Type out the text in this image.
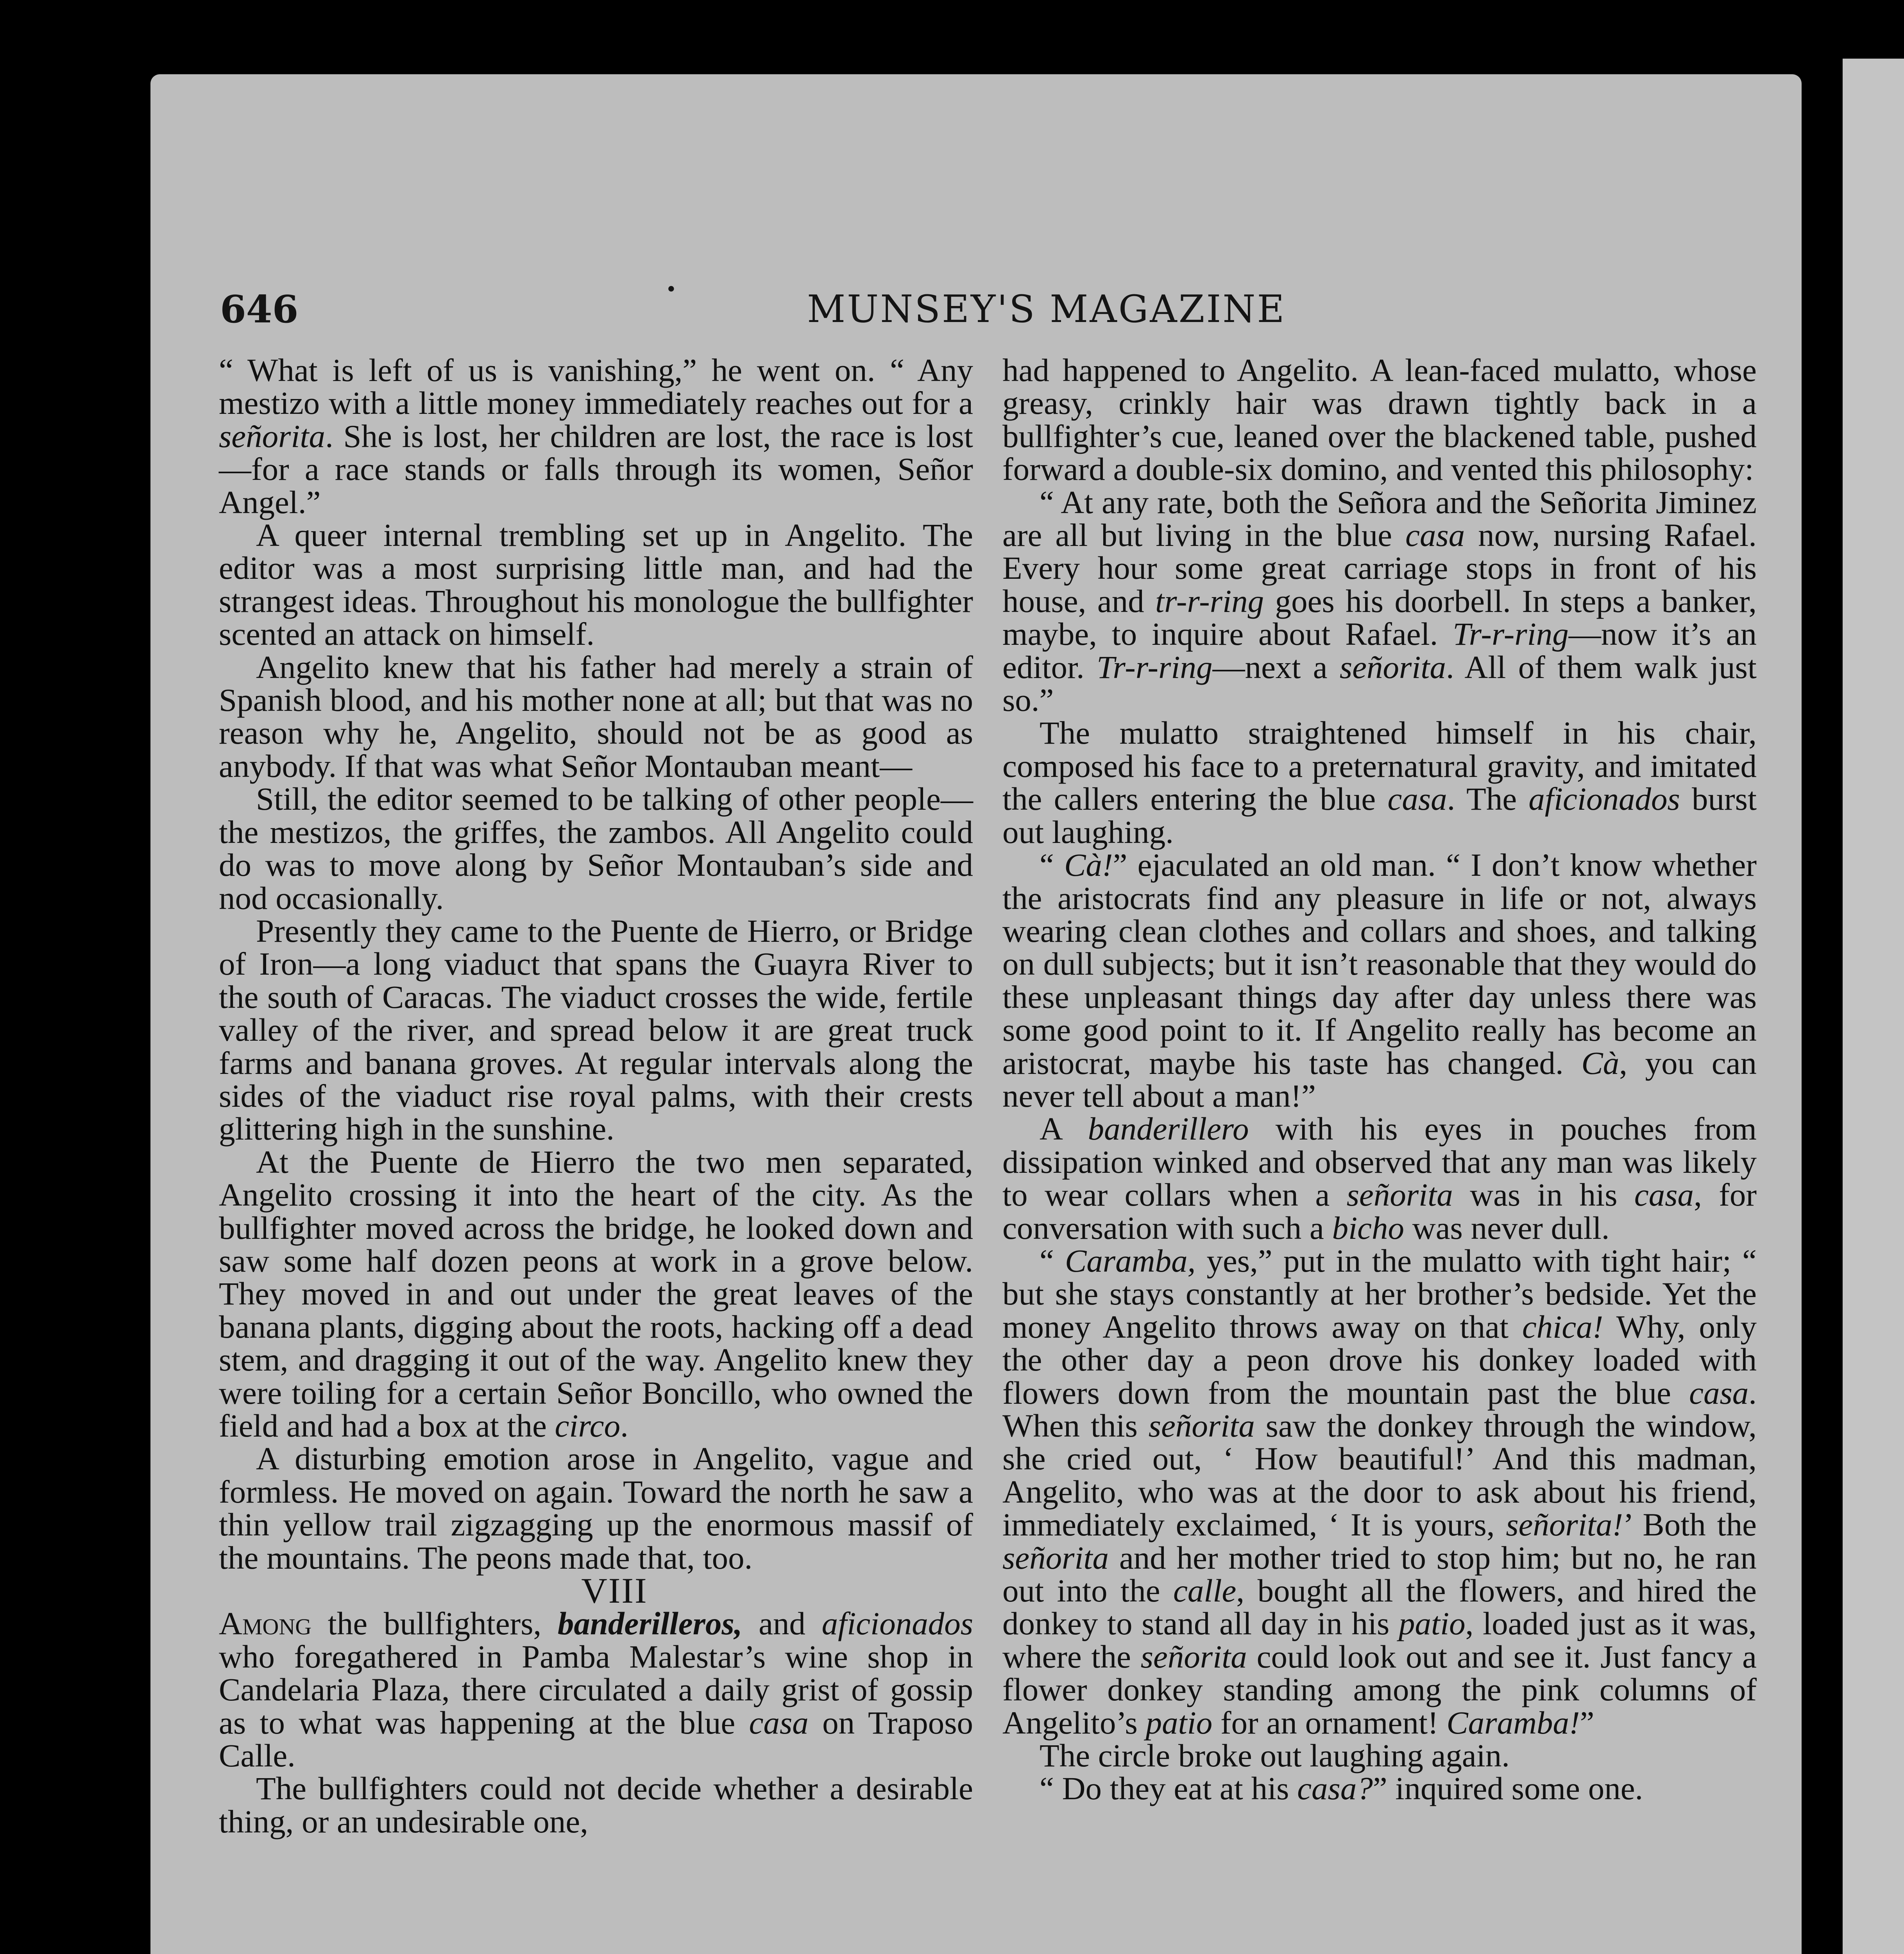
646	·	MUNSEY'S MAGAZINE

“ What is left of us is vanishing,” he went on. “ Any mestizo with a little money immediately reaches out for a señorita. She is lost, her children are lost, the race is lost—for a race stands or falls through its women, Señor Angel.”

A queer internal trembling set up in Angelito. The editor was a most surprising little man, and had the strangest ideas. Throughout his monologue the bullfighter scented an attack on himself.

Angelito knew that his father had merely a strain of Spanish blood, and his mother none at all; but that was no reason why he, Angelito, should not be as good as anybody. If that was what Señor Montauban meant—

Still, the editor seemed to be talking of other people—the mestizos, the griffes, the zambos. All Angelito could do was to move along by Señor Montauban’s side and nod occasionally.

Presently they came to the Puente de Hierro, or Bridge of Iron—a long viaduct that spans the Guayra River to the south of Caracas. The viaduct crosses the wide, fertile valley of the river, and spread below it are great truck farms and banana groves. At regular intervals along the sides of the viaduct rise royal palms, with their crests glittering high in the sunshine.

At the Puente de Hierro the two men separated, Angelito crossing it into the heart of the city. As the bullfighter moved across the bridge, he looked down and saw some half dozen peons at work in a grove below. They moved in and out under the great leaves of the banana plants, digging about the roots, hacking off a dead stem, and dragging it out of the way. Angelito knew they were toiling for a certain Señor Boncillo, who owned the field and had a box at the circo.

A disturbing emotion arose in Angelito, vague and formless. He moved on again. Toward the north he saw a thin yellow trail zigzagging up the enormous massif of the mountains. The peons made that, too.

VIII

Among the bullfighters, banderilleros, and aficionados who foregathered in Pamba Malestar’s wine shop in Candelaria Plaza, there circulated a daily grist of gossip as to what was happening at the blue casa on Traposo Calle.

The bullfighters could not decide whether a desirable thing, or an undesirable one,

had happened to Angelito. A lean-faced mulatto, whose greasy, crinkly hair was drawn tightly back in a bullfighter’s cue, leaned over the blackened table, pushed forward a double-six domino, and vented this philosophy:

“ At any rate, both the Señora and the Señorita Jiminez are all but living in the blue casa now, nursing Rafael. Every hour some great carriage stops in front of his house, and tr-r-ring goes his doorbell. In steps a banker, maybe, to inquire about Rafael. Tr-r-ring—now it’s an editor. Tr-r-ring—next a señorita. All of them walk just so.”

The mulatto straightened himself in his chair, composed his face to a preternatural gravity, and imitated the callers entering the blue casa. The aficionados burst out laughing.

“ Cà!” ejaculated an old man. “ I don’t know whether the aristocrats find any pleasure in life or not, always wearing clean clothes and collars and shoes, and talking on dull subjects; but it isn’t reasonable that they would do these unpleasant things day after day unless there was some good point to it. If Angelito really has become an aristocrat, maybe his taste has changed. Cà, you can never tell about a man!”

A banderillero with his eyes in pouches from dissipation winked and observed that any man was likely to wear collars when a señorita was in his casa, for conversation with such a bicho was never dull.

“ Caramba, yes,” put in the mulatto with tight hair; “ but she stays constantly at her brother’s bedside. Yet the money Angelito throws away on that chica! Why, only the other day a peon drove his donkey loaded with flowers down from the mountain past the blue casa. When this señorita saw the donkey through the window, she cried out, ‘ How beautiful!’ And this madman, Angelito, who was at the door to ask about his friend, immediately exclaimed, ‘ It is yours, señorita!’ Both the señorita and her mother tried to stop him; but no, he ran out into the calle, bought all the flowers, and hired the donkey to stand all day in his patio, loaded just as it was, where the señorita could look out and see it. Just fancy a flower donkey standing among the pink columns of Angelito’s patio for an ornament! Caramba!”

The circle broke out laughing again.

“ Do they eat at his casa?” inquired some one.
